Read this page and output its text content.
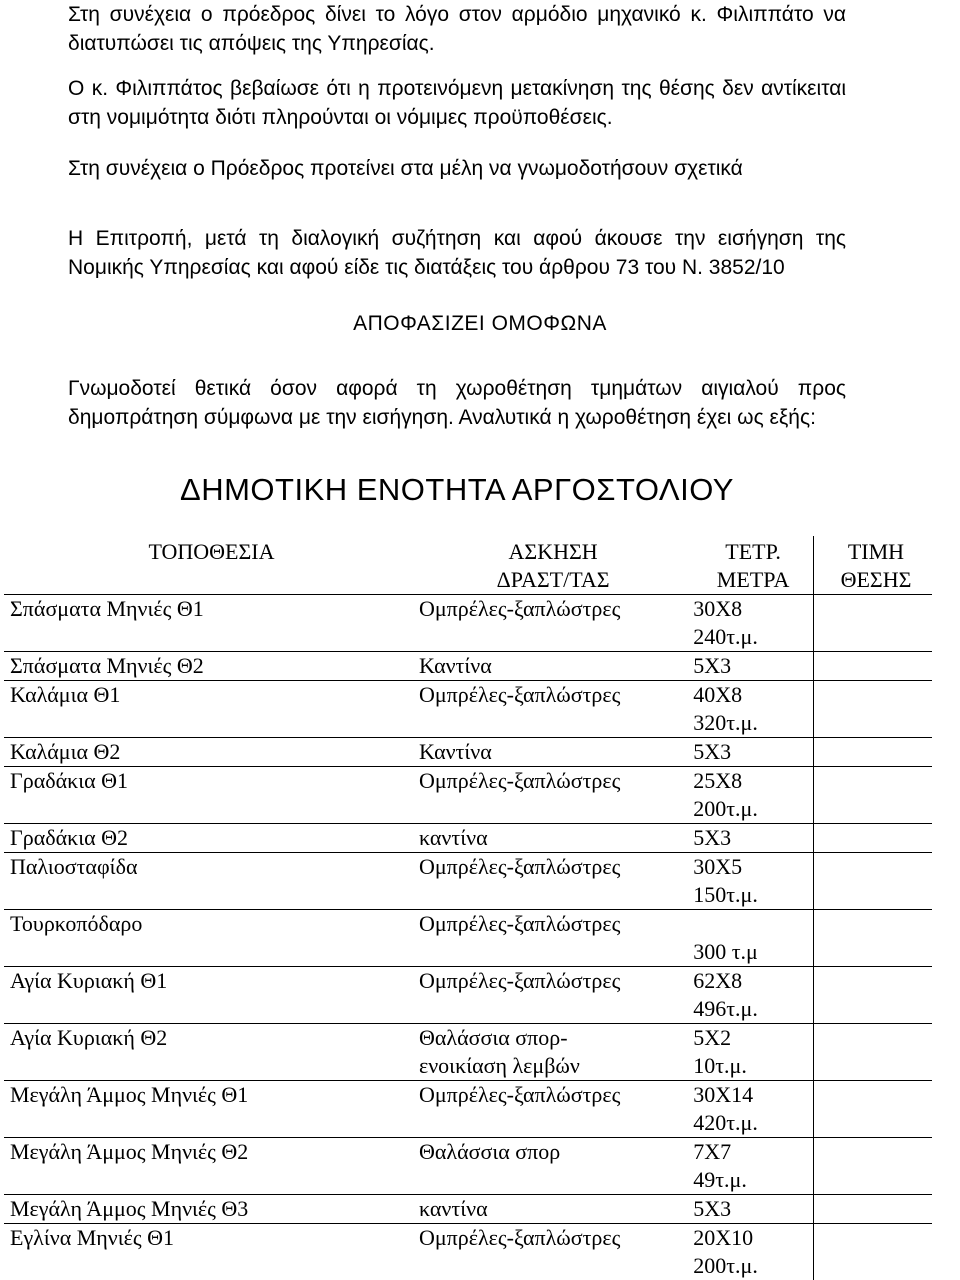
Στη συνέχεια ο πρόεδρος δίνει το λόγο στον αρμόδιο μηχανικό κ. Φιλιππάτο να
διατυπώσει τις απόψεις της Υπηρεσίας.
Ο κ. Φιλιππάτος βεβαίωσε ότι η προτεινόμενη μετακίνηση της θέσης δεν αντίκειται
στη νομιμότητα διότι πληρούνται οι νόμιμες προϋποθέσεις.
Στη συνέχεια ο Πρόεδρος προτείνει στα μέλη να γνωμοδοτήσουν σχετικά
Η Επιτροπή, μετά τη διαλογική συζήτηση και αφού άκουσε την εισήγηση της
Νομικής Υπηρεσίας και αφού είδε τις διατάξεις του άρθρου 73 του Ν. 3852/10
ΑΠΟΦΑΣΙΖΕΙ ΟΜΟΦΩΝΑ
Γνωμοδοτεί θετικά όσον αφορά τη χωροθέτηση τμημάτων αιγιαλού προς
δημοπράτηση σύμφωνα με την εισήγηση. Αναλυτικά η χωροθέτηση έχει ως εξής:
ΔΗΜΟΤΙΚΗ ΕΝΟΤΗΤΑ ΑΡΓΟΣΤΟΛΙΟΥ
ΤΟΠΟΘΕΣΙΑ	ΑΣΚΗΣΗ
ΔΡΑΣΤ/ΤΑΣ	ΤΕΤΡ.
ΜΕΤΡΑ	ΤΙΜΗ
ΘΕΣΗΣ

Σπάσματα Μηνιές Θ1	Ομπρέλες-ξαπλώστρες	30Χ8
240τ.μ.	

Σπάσματα Μηνιές Θ2	Καντίνα	5Χ3	

Καλάμια Θ1	Ομπρέλες-ξαπλώστρες	40Χ8
320τ.μ.	

Καλάμια Θ2	Καντίνα	5Χ3	

Γραδάκια Θ1	Ομπρέλες-ξαπλώστρες	25Χ8
200τ.μ.	

Γραδάκια Θ2	καντίνα	5Χ3	

Παλιοσταφίδα	Ομπρέλες-ξαπλώστρες	30Χ5
150τ.μ.	

Τουρκοπόδαρο	Ομπρέλες-ξαπλώστρες	300 τ.μ	

Αγία Κυριακή Θ1	Ομπρέλες-ξαπλώστρες	62Χ8
496τ.μ.	

Αγία Κυριακή Θ2	Θαλάσσια σπορ-
ενοικίαση λεμβών	5Χ2
10τ.μ.	

Μεγάλη Άμμος Μηνιές Θ1	Ομπρέλες-ξαπλώστρες	30Χ14
420τ.μ.	

Μεγάλη Άμμος Μηνιές Θ2	Θαλάσσια σπορ	7Χ7
49τ.μ.	

Μεγάλη Άμμος Μηνιές Θ3	καντίνα	5Χ3	

Εγλίνα Μηνιές Θ1	Ομπρέλες-ξαπλώστρες	20Χ10
200τ.μ.	
